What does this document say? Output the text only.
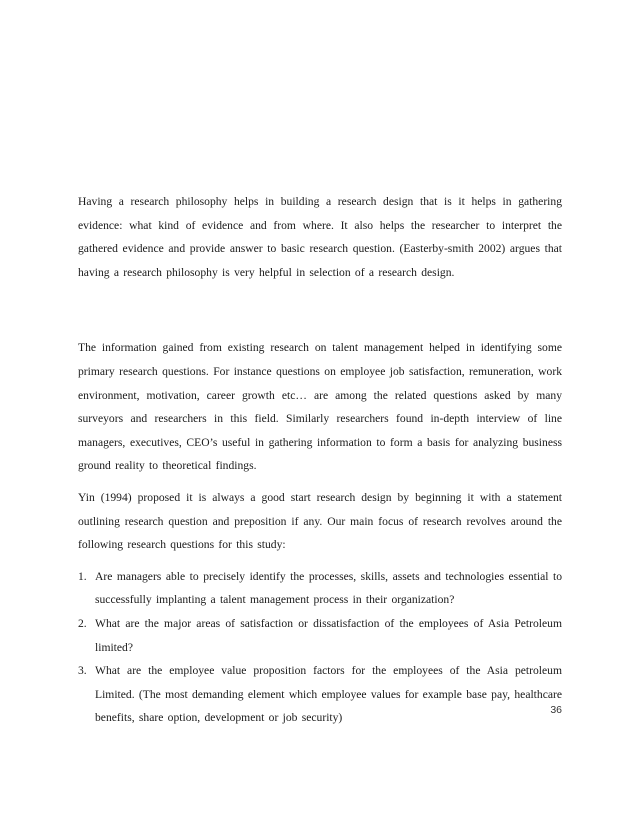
Having a research philosophy helps in building a research design that is it helps in gathering evidence: what kind of evidence and from where. It also helps the researcher to interpret the gathered evidence and provide answer to basic research question. (Easterby-smith 2002) argues that having a research philosophy is very helpful in selection of a research design.

The information gained from existing research on talent management helped in identifying some primary research questions. For instance questions on employee job satisfaction, remuneration, work environment, motivation, career growth etc… are among the related questions asked by many surveyors and researchers in this field. Similarly researchers found in-depth interview of line managers, executives, CEO’s useful in gathering information to form a basis for analyzing business ground reality to theoretical findings.

Yin (1994) proposed it is always a good start research design by beginning it with a statement outlining research question and preposition if any. Our main focus of research revolves around the following research questions for this study:

1. Are managers able to precisely identify the processes, skills, assets and technologies essential to successfully implanting a talent management process in their organization?
2. What are the major areas of satisfaction or dissatisfaction of the employees of Asia Petroleum limited?
3. What are the employee value proposition factors for the employees of the Asia petroleum Limited. (The most demanding element which employee values for example base pay, healthcare benefits, share option, development or job security)
36
